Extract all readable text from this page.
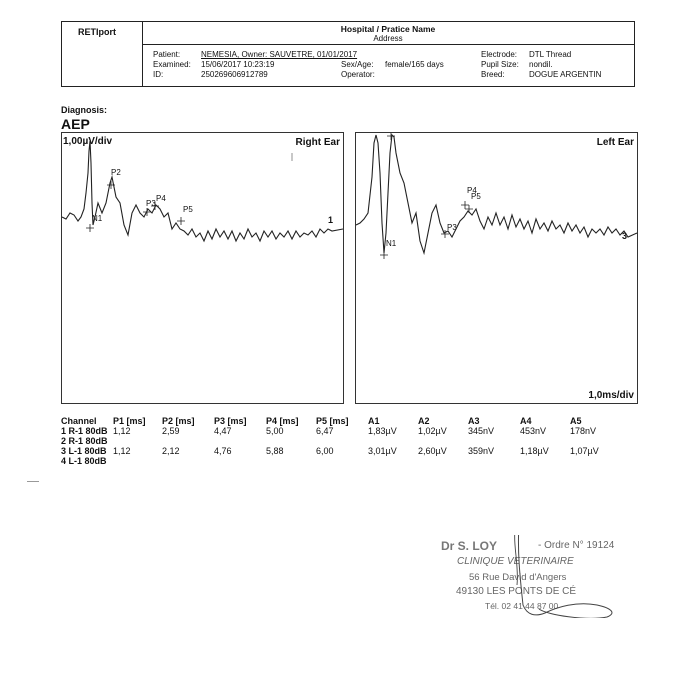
RETIport	Hospital / Pratice Name
Address
Patient:	NEMESIA, Owner: SAUVETRE, 01/01/2017
Examined: 15/06/2017 10:23:19
ID:	250269606912789
Sex/Age: female/165 days
Operator:
Electrode: DTL Thread
Pupil Size: nondil.
Breed:	DOGUE ARGENTIN
Diagnosis:
AEP
1,00µV/div	Right Ear
N1
P2
P3
P4
P5
1
Left Ear
N1
P3
P4
P5
3
1,0ms/div
Channel	P1 [ms]	P2 [ms]	P3 [ms]	P4 [ms]	P5 [ms]	A1	A2	A3	A4	A5
1 R-1 80dB	1,12	2,59	4,47	5,00	6,47	1,83µV	1,02µV	345nV	453nV	178nV
2 R-1 80dB										
3 L-1 80dB	1,12	2,12	4,76	5,88	6,00	3,01µV	2,60µV	359nV	1,18µV	1,07µV
4 L-1 80dB										
Dr S. LOY	- Ordre N° 19124
CLINIQUE VETERINAIRE
56 Rue David d'Angers
49130 LES PONTS DE CÉ
Tél. 02 41 44 87 00
